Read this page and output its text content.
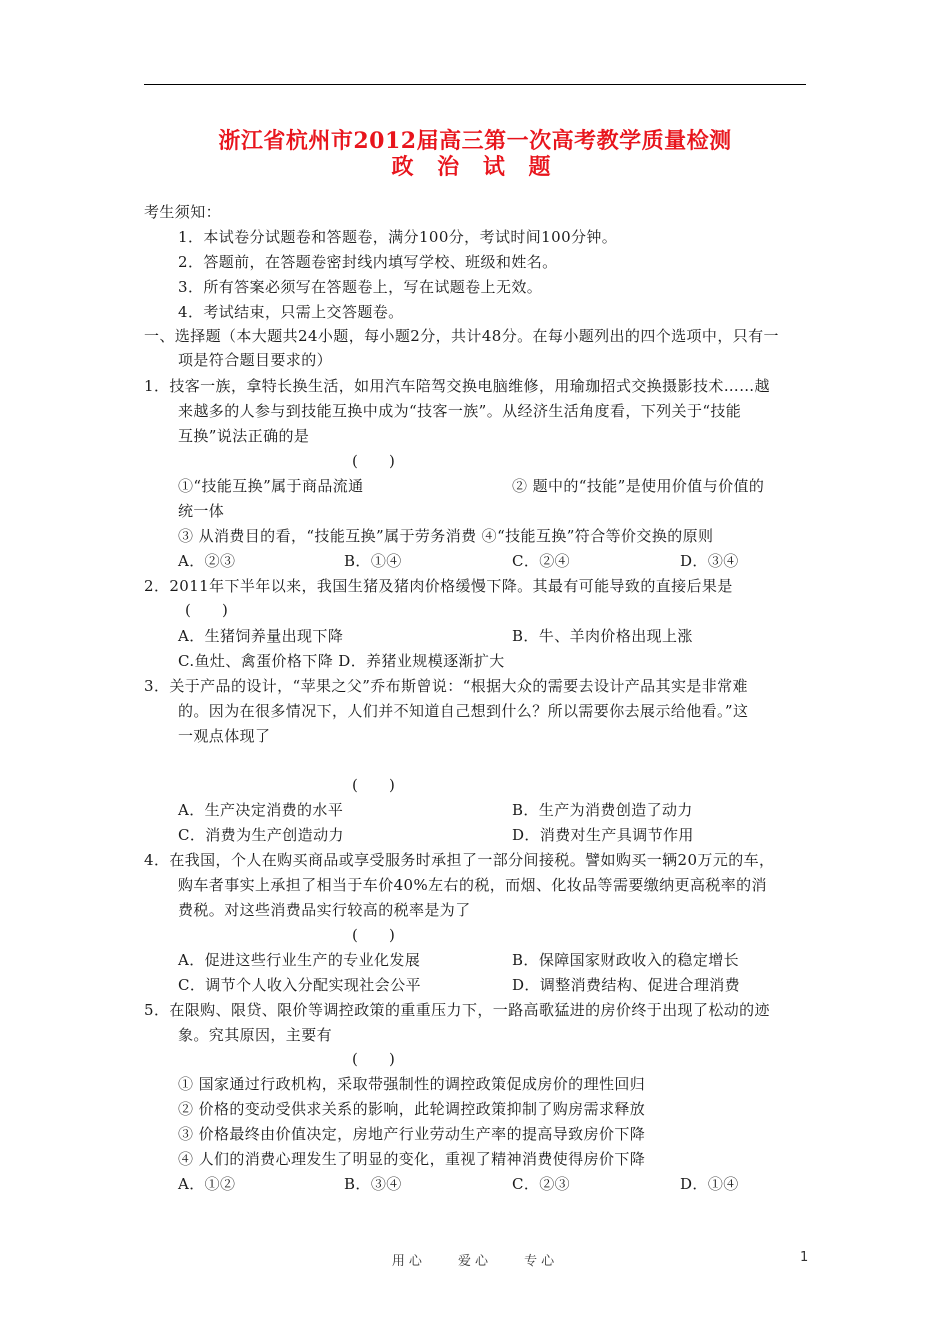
浙江省杭州市2012届高三第一次高考教学质量检测
政 治 试 题
考生须知：
1．本试卷分试题卷和答题卷，满分100分，考试时间100分钟。
2．答题前，在答题卷密封线内填写学校、班级和姓名。
3．所有答案必须写在答题卷上，写在试题卷上无效。
4．考试结束，只需上交答题卷。
一、选择题（本大题共24小题，每小题2分，共计48分。在每小题列出的四个选项中，只有一
项是符合题目要求的）
1．技客一族，拿特长换生活，如用汽车陪驾交换电脑维修，用瑜珈招式交换摄影技术……越
来越多的人参与到技能互换中成为“技客一族”。从经济生活角度看，下列关于“技能
互换”说法正确的是
(　　)
①“技能互换”属于商品流通	② 题中的“技能”是使用价值与价值的
统一体
③ 从消费目的看，“技能互换”属于劳务消费 ④“技能互换”符合等价交换的原则
A．②③	B．①④	C．②④	D．③④
2．2011年下半年以来，我国生猪及猪肉价格缓慢下降。其最有可能导致的直接后果是
(　　)
A．生猪饲养量出现下降	B．牛、羊肉价格出现上涨
C.鱼灶、禽蛋价格下降 D．养猪业规模逐渐扩大
3．关于产品的设计，“苹果之父”乔布斯曾说：“根据大众的需要去设计产品其实是非常难
的。因为在很多情况下，人们并不知道自己想到什么？所以需要你去展示给他看。”这
一观点体现了
(　　)
A．生产决定消费的水平	B．生产为消费创造了动力
C．消费为生产创造动力	D．消费对生产具调节作用
4．在我国，个人在购买商品或享受服务时承担了一部分间接税。譬如购买一辆20万元的车，
购车者事实上承担了相当于车价40%左右的税，而烟、化妆品等需要缴纳更高税率的消
费税。对这些消费品实行较高的税率是为了
(　　)
A．促进这些行业生产的专业化发展	B．保障国家财政收入的稳定增长
C．调节个人收入分配实现社会公平	D．调整消费结构、促进合理消费
5．在限购、限贷、限价等调控政策的重重压力下，一路高歌猛进的房价终于出现了松动的迹
象。究其原因，主要有
(　　)
① 国家通过行政机构，采取带强制性的调控政策促成房价的理性回归
② 价格的变动受供求关系的影响，此轮调控政策抑制了购房需求释放
③ 价格最终由价值决定，房地产行业劳动生产率的提高导致房价下降
④ 人们的消费心理发生了明显的变化，重视了精神消费使得房价下降
A．①②	B．③④	C．②③	D．①④
用心 爱心 专心	1
